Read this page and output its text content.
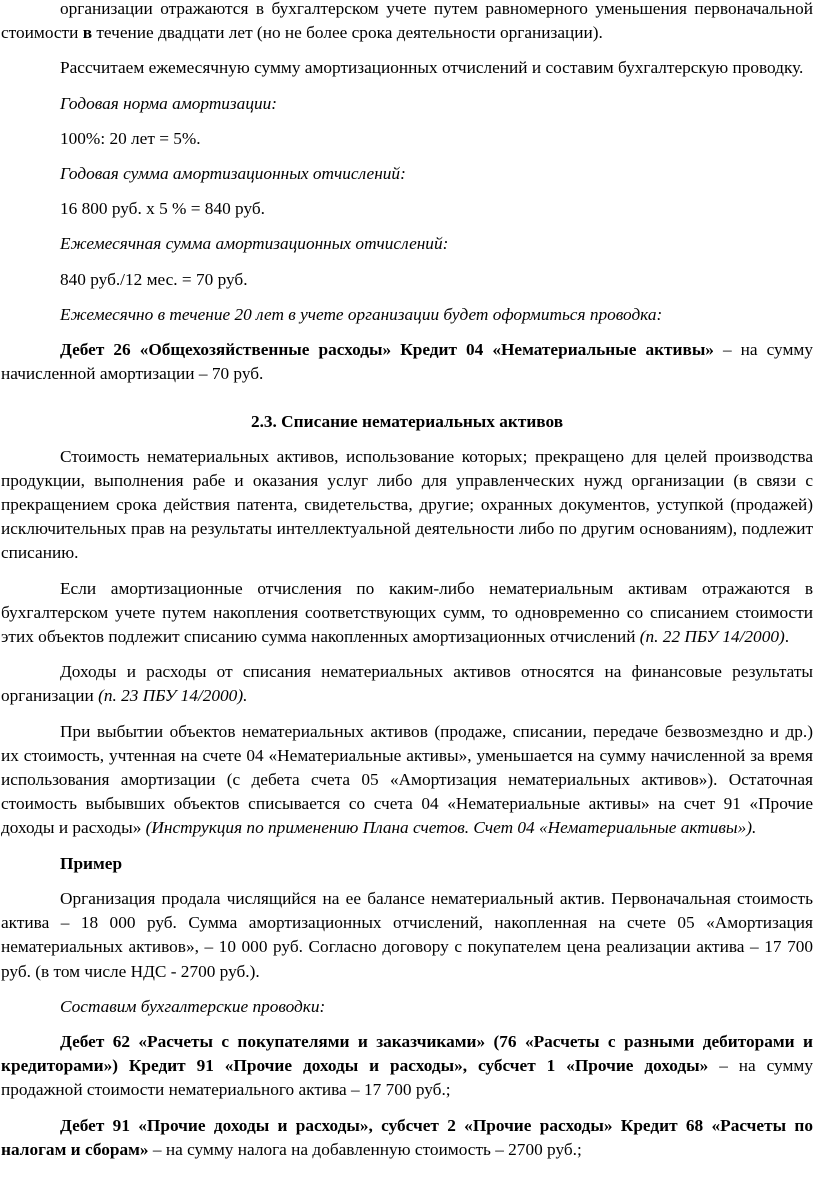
организации отражаются в бухгалтерском учете путем равномерного уменьшения первоначальной стоимости в течение двадцати лет (но не более срока деятельности организации).

Рассчитаем ежемесячную сумму амортизационных отчислений и составим бухгалтерскую проводку.

Годовая норма амортизации:

100%: 20 лет = 5%.

Годовая сумма амортизационных отчислений:

16 800 руб. х 5 % = 840 руб.

Ежемесячная сумма амортизационных отчислений:

840 руб./12 мес. = 70 руб.

Ежемесячно в течение 20 лет в учете организации будет оформиться проводка:

Дебет 26 «Общехозяйственные расходы» Кредит 04 «Нематериальные активы» – на сумму начисленной амортизации – 70 руб.

2.3. Списание нематериальных активов

Стоимость нематериальных активов, использование которых; прекращено для целей производства продукции, выполнения рабе и оказания услуг либо для управленческих нужд организации (в связи с прекращением срока действия патента, свидетельства, другие; охранных документов, уступкой (продажей) исключительных прав на результаты интеллектуальной деятельности либо по другим основаниям), подлежит списанию.

Если амортизационные отчисления по каким-либо нематериальным активам отражаются в бухгалтерском учете путем накопления соответствующих сумм, то одновременно со списанием стоимости этих объектов подлежит списанию сумма накопленных амортизационных отчислений (п. 22 ПБУ 14/2000).

Доходы и расходы от списания нематериальных активов относятся на финансовые результаты организации (п. 23 ПБУ 14/2000).

При выбытии объектов нематериальных активов (продаже, списании, передаче безвозмездно и др.) их стоимость, учтенная на счете 04 «Нематериальные активы», уменьшается на сумму начисленной за время использования амортизации (с дебета счета 05 «Амортизация нематериальных активов»). Остаточная стоимость выбывших объектов списывается со счета 04 «Нематериальные активы» на счет 91 «Прочие доходы и расходы» (Инструкция по применению Плана счетов. Счет 04 «Нематериальные активы»).

Пример

Организация продала числящийся на ее балансе нематериальный актив. Первоначальная стоимость актива – 18 000 руб. Сумма амортизационных отчислений, накопленная на счете 05 «Амортизация нематериальных активов», – 10 000 руб. Согласно договору с покупателем цена реализации актива – 17 700 руб. (в том числе НДС - 2700 руб.).

Составим бухгалтерские проводки:

Дебет 62 «Расчеты с покупателями и заказчиками» (76 «Расчеты с разными дебиторами и кредиторами») Кредит 91 «Прочие доходы и расходы», субсчет 1 «Прочие доходы» – на сумму продажной стоимости нематериального актива – 17 700 руб.;

Дебет 91 «Прочие доходы и расходы», субсчет 2 «Прочие расходы» Кредит 68 «Расчеты по налогам и сборам» – на сумму налога на добавленную стоимость – 2700 руб.;
